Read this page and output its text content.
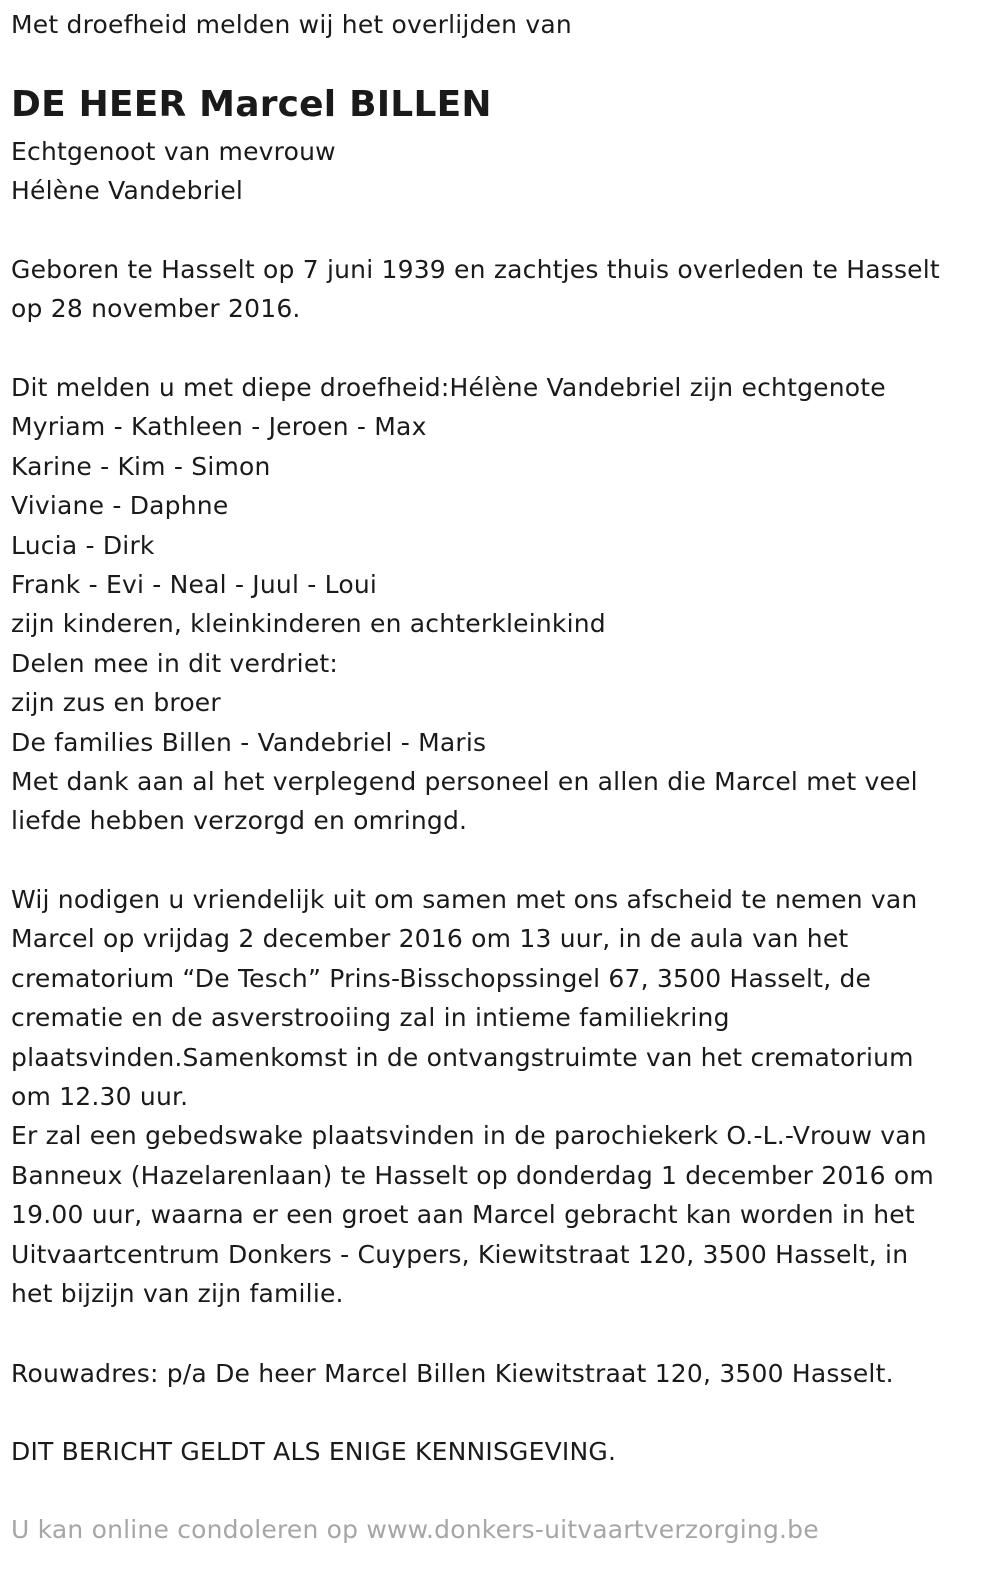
Met droefheid melden wij het overlijden van
DE HEER Marcel BILLEN
Echtgenoot van mevrouw
Hélène Vandebriel
Geboren te Hasselt op 7 juni 1939 en zachtjes thuis overleden te Hasselt
op 28 november 2016.
Dit melden u met diepe droefheid:Hélène Vandebriel zijn echtgenote
Myriam - Kathleen - Jeroen - Max
Karine - Kim - Simon
Viviane - Daphne
Lucia - Dirk
Frank - Evi - Neal - Juul - Loui
zijn kinderen, kleinkinderen en achterkleinkind
Delen mee in dit verdriet:
zijn zus en broer
De families Billen - Vandebriel - Maris
Met dank aan al het verplegend personeel en allen die Marcel met veel
liefde hebben verzorgd en omringd.
Wij nodigen u vriendelijk uit om samen met ons afscheid te nemen van
Marcel op vrijdag 2 december 2016 om 13 uur, in de aula van het
crematorium “De Tesch” Prins-Bisschopssingel 67, 3500 Hasselt, de
crematie en de asverstrooiing zal in intieme familiekring
plaatsvinden.Samenkomst in de ontvangstruimte van het crematorium
om 12.30 uur.
Er zal een gebedswake plaatsvinden in de parochiekerk O.-L.-Vrouw van
Banneux (Hazelarenlaan) te Hasselt op donderdag 1 december 2016 om
19.00 uur, waarna er een groet aan Marcel gebracht kan worden in het
Uitvaartcentrum Donkers - Cuypers, Kiewitstraat 120, 3500 Hasselt, in
het bijzijn van zijn familie.
Rouwadres: p/a De heer Marcel Billen Kiewitstraat 120, 3500 Hasselt.
DIT BERICHT GELDT ALS ENIGE KENNISGEVING.
U kan online condoleren op www.donkers-uitvaartverzorging.be
